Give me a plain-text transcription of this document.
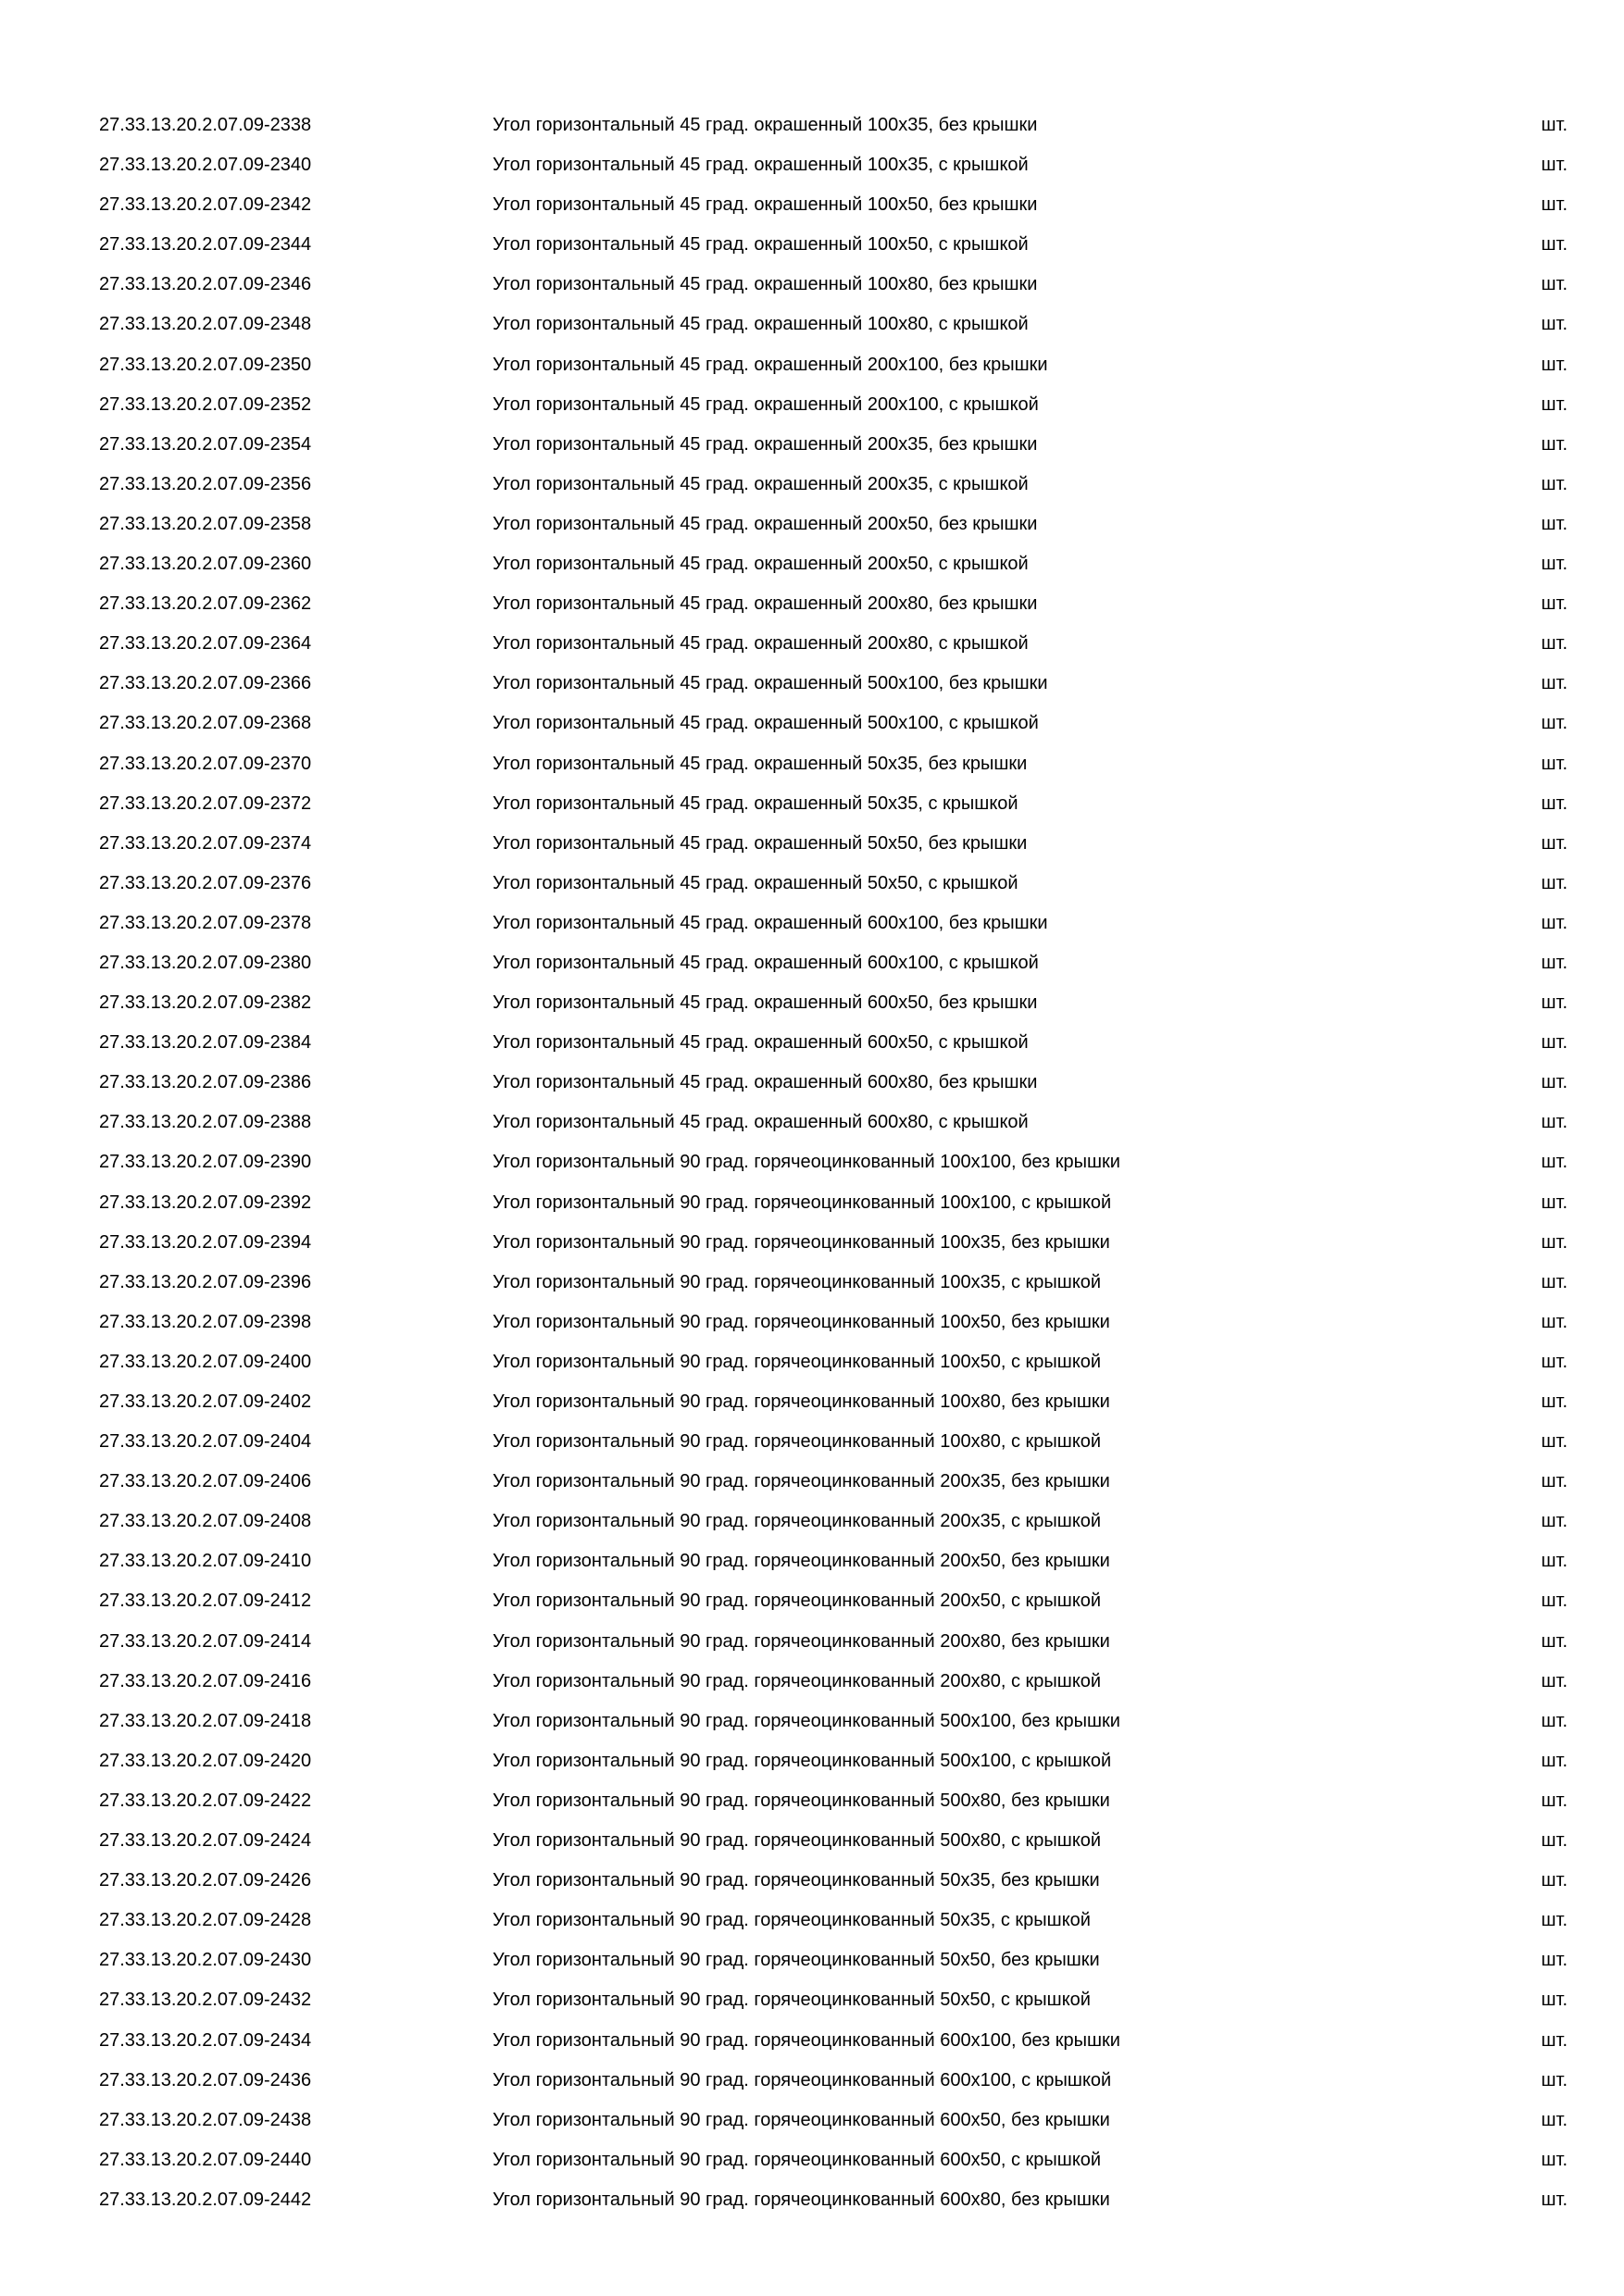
27.33.13.20.2.07.09-2338	Угол горизонтальный 45 град. окрашенный 100х35, без крышки	шт.
27.33.13.20.2.07.09-2340	Угол горизонтальный 45 град. окрашенный 100х35, с крышкой	шт.
27.33.13.20.2.07.09-2342	Угол горизонтальный 45 град. окрашенный 100х50, без крышки	шт.
27.33.13.20.2.07.09-2344	Угол горизонтальный 45 град. окрашенный 100х50, с крышкой	шт.
27.33.13.20.2.07.09-2346	Угол горизонтальный 45 град. окрашенный 100х80, без крышки	шт.
27.33.13.20.2.07.09-2348	Угол горизонтальный 45 град. окрашенный 100х80, с крышкой	шт.
27.33.13.20.2.07.09-2350	Угол горизонтальный 45 град. окрашенный 200х100, без крышки	шт.
27.33.13.20.2.07.09-2352	Угол горизонтальный 45 град. окрашенный 200х100, с крышкой	шт.
27.33.13.20.2.07.09-2354	Угол горизонтальный 45 град. окрашенный 200х35, без крышки	шт.
27.33.13.20.2.07.09-2356	Угол горизонтальный 45 град. окрашенный 200х35, с крышкой	шт.
27.33.13.20.2.07.09-2358	Угол горизонтальный 45 град. окрашенный 200х50, без крышки	шт.
27.33.13.20.2.07.09-2360	Угол горизонтальный 45 град. окрашенный 200х50, с крышкой	шт.
27.33.13.20.2.07.09-2362	Угол горизонтальный 45 град. окрашенный 200х80, без крышки	шт.
27.33.13.20.2.07.09-2364	Угол горизонтальный 45 град. окрашенный 200х80, с крышкой	шт.
27.33.13.20.2.07.09-2366	Угол горизонтальный 45 град. окрашенный 500х100, без крышки	шт.
27.33.13.20.2.07.09-2368	Угол горизонтальный 45 град. окрашенный 500х100, с крышкой	шт.
27.33.13.20.2.07.09-2370	Угол горизонтальный 45 град. окрашенный 50х35, без крышки	шт.
27.33.13.20.2.07.09-2372	Угол горизонтальный 45 град. окрашенный 50х35, с крышкой	шт.
27.33.13.20.2.07.09-2374	Угол горизонтальный 45 град. окрашенный 50х50, без крышки	шт.
27.33.13.20.2.07.09-2376	Угол горизонтальный 45 град. окрашенный 50х50, с крышкой	шт.
27.33.13.20.2.07.09-2378	Угол горизонтальный 45 град. окрашенный 600х100, без крышки	шт.
27.33.13.20.2.07.09-2380	Угол горизонтальный 45 град. окрашенный 600х100, с крышкой	шт.
27.33.13.20.2.07.09-2382	Угол горизонтальный 45 град. окрашенный 600х50, без крышки	шт.
27.33.13.20.2.07.09-2384	Угол горизонтальный 45 град. окрашенный 600х50, с крышкой	шт.
27.33.13.20.2.07.09-2386	Угол горизонтальный 45 град. окрашенный 600х80, без крышки	шт.
27.33.13.20.2.07.09-2388	Угол горизонтальный 45 град. окрашенный 600х80, с крышкой	шт.
27.33.13.20.2.07.09-2390	Угол горизонтальный 90 град. горячеоцинкованный 100х100, без крышки	шт.
27.33.13.20.2.07.09-2392	Угол горизонтальный 90 град. горячеоцинкованный 100х100, с крышкой	шт.
27.33.13.20.2.07.09-2394	Угол горизонтальный 90 град. горячеоцинкованный 100х35, без крышки	шт.
27.33.13.20.2.07.09-2396	Угол горизонтальный 90 град. горячеоцинкованный 100х35, с крышкой	шт.
27.33.13.20.2.07.09-2398	Угол горизонтальный 90 град. горячеоцинкованный 100х50, без крышки	шт.
27.33.13.20.2.07.09-2400	Угол горизонтальный 90 град. горячеоцинкованный 100х50, с крышкой	шт.
27.33.13.20.2.07.09-2402	Угол горизонтальный 90 град. горячеоцинкованный 100х80, без крышки	шт.
27.33.13.20.2.07.09-2404	Угол горизонтальный 90 град. горячеоцинкованный 100х80, с крышкой	шт.
27.33.13.20.2.07.09-2406	Угол горизонтальный 90 град. горячеоцинкованный 200х35, без крышки	шт.
27.33.13.20.2.07.09-2408	Угол горизонтальный 90 град. горячеоцинкованный 200х35, с крышкой	шт.
27.33.13.20.2.07.09-2410	Угол горизонтальный 90 град. горячеоцинкованный 200х50, без крышки	шт.
27.33.13.20.2.07.09-2412	Угол горизонтальный 90 град. горячеоцинкованный 200х50, с крышкой	шт.
27.33.13.20.2.07.09-2414	Угол горизонтальный 90 град. горячеоцинкованный 200х80, без крышки	шт.
27.33.13.20.2.07.09-2416	Угол горизонтальный 90 град. горячеоцинкованный 200х80, с крышкой	шт.
27.33.13.20.2.07.09-2418	Угол горизонтальный 90 град. горячеоцинкованный 500х100, без крышки	шт.
27.33.13.20.2.07.09-2420	Угол горизонтальный 90 град. горячеоцинкованный 500х100, с крышкой	шт.
27.33.13.20.2.07.09-2422	Угол горизонтальный 90 град. горячеоцинкованный 500х80, без крышки	шт.
27.33.13.20.2.07.09-2424	Угол горизонтальный 90 град. горячеоцинкованный 500х80, с крышкой	шт.
27.33.13.20.2.07.09-2426	Угол горизонтальный 90 град. горячеоцинкованный 50х35, без крышки	шт.
27.33.13.20.2.07.09-2428	Угол горизонтальный 90 град. горячеоцинкованный 50х35, с крышкой	шт.
27.33.13.20.2.07.09-2430	Угол горизонтальный 90 град. горячеоцинкованный 50х50, без крышки	шт.
27.33.13.20.2.07.09-2432	Угол горизонтальный 90 град. горячеоцинкованный 50х50, с крышкой	шт.
27.33.13.20.2.07.09-2434	Угол горизонтальный 90 град. горячеоцинкованный 600х100, без крышки	шт.
27.33.13.20.2.07.09-2436	Угол горизонтальный 90 град. горячеоцинкованный 600х100, с крышкой	шт.
27.33.13.20.2.07.09-2438	Угол горизонтальный 90 град. горячеоцинкованный 600х50, без крышки	шт.
27.33.13.20.2.07.09-2440	Угол горизонтальный 90 град. горячеоцинкованный 600х50, с крышкой	шт.
27.33.13.20.2.07.09-2442	Угол горизонтальный 90 град. горячеоцинкованный 600х80, без крышки	шт.
